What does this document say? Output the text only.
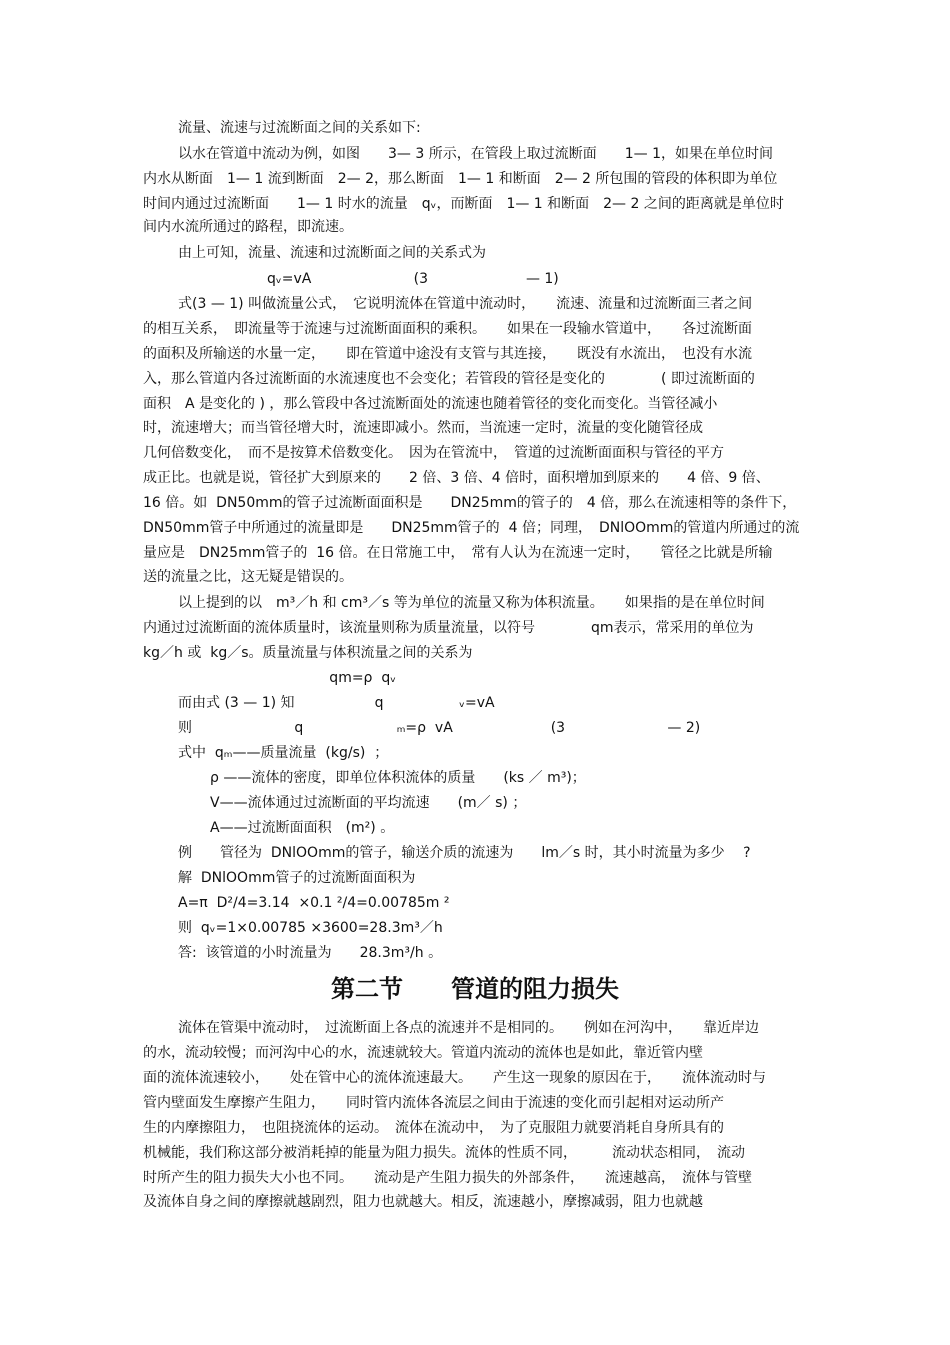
流量、流速与过流断面之间的关系如下:

以水在管道中流动为例，如图　　3— 3 所示，在管段上取过流断面　　1— 1，如果在单位时间

内水从断面　1— 1 流到断面　2— 2，那么断面　1— 1 和断面　2— 2 所包围的管段的体积即为单位

时间内通过过流断面　　1— 1 时水的流量　qᵥ，而断面　1— 1 和断面　2— 2 之间的距离就是单位时

间内水流所通过的路程，即流速。

由上可知，流量、流速和过流断面之间的关系式为

qᵥ=vA                       (3                      — 1)

式(3 — 1) 叫做流量公式，　它说明流体在管道中流动时，　　流速、流量和过流断面三者之间

的相互关系，　即流量等于流速与过流断面面积的乘积。　　如果在一段输水管道中，　　各过流断面

的面积及所输送的水量一定，　　即在管道中途没有支管与其连接，　　既没有水流出，　也没有水流

入，那么管道内各过流断面的水流速度也不会变化；若管段的管径是变化的　　　　( 即过流断面的

面积　A 是变化的 ) ，那么管段中各过流断面处的流速也随着管径的变化而变化。当管径减小

时，流速增大；而当管径增大时，流速即减小。然而，当流速一定时，流量的变化随管径成

几何倍数变化，　而不是按算术倍数变化。　因为在管流中，　管道的过流断面面积与管径的平方

成正比。也就是说，管径扩大到原来的　　2 倍、3 倍、4 倍时，面积增加到原来的　　4 倍、9 倍、

16 倍。如  DN50mm的管子过流断面面积是　　DN25mm的管子的　4 倍，那么在流速相等的条件下，

DN50mm管子中所通过的流量即是　　DN25mm管子的  4 倍；同理，　DNlOOmm的管道内所通过的流

量应是　DN25mm管子的  16 倍。在日常施工中，　常有人认为在流速一定时，　　管径之比就是所输

送的流量之比，这无疑是错误的。

以上提到的以　m³／h 和 cm³／s 等为单位的流量又称为体积流量。　　如果指的是在单位时间

内通过过流断面的流体质量时，该流量则称为质量流量，以符号　　　　qm表示，常采用的单位为

kg／h 或  kg／s。质量流量与体积流量之间的关系为

qm=ρ  qᵥ

而由式 (3 — 1) 知                  q                 ᵥ=vA

则                       q                     ₘ=ρ  vA                      (3                       — 2)

式中  qₘ——质量流量  (kg/s)  ；

ρ ——流体的密度，即单位体积流体的质量　　(ks ／ m³)；

V——流体通过过流断面的平均流速　　(m／ s) ；

A——过流断面面积　(m²) 。

例　　管径为  DNlOOmm的管子，输送介质的流速为　　lm／s 时，其小时流量为多少　 ?

解  DNlOOmm管子的过流断面面积为

A=π  D²/4=3.14  ×0.1 ²/4=0.00785m ²

则  qᵥ=1×0.00785 ×3600=28.3m³／h

答:  该管道的小时流量为　　28.3m³/h 。

第二节　　管道的阻力损失

流体在管渠中流动时，　过流断面上各点的流速并不是相同的。　　例如在河沟中，　　靠近岸边

的水，流动较慢；而河沟中心的水，流速就较大。管道内流动的流体也是如此，靠近管内壁

面的流体流速较小，　　处在管中心的流体流速最大。　　产生这一现象的原因在于，　　流体流动时与

管内壁面发生摩擦产生阻力，　　同时管内流体各流层之间由于流速的变化而引起相对运动所产

生的内摩擦阻力，　也阻挠流体的运动。　流体在流动中，　为了克服阻力就要消耗自身所具有的

机械能，我们称这部分被消耗掉的能量为阻力损失。流体的性质不同，　　　流动状态相同，　流动

时所产生的阻力损失大小也不同。　　流动是产生阻力损失的外部条件，　　流速越高，　流体与管壁

及流体自身之间的摩擦就越剧烈，阻力也就越大。相反，流速越小，摩擦减弱，阻力也就越
